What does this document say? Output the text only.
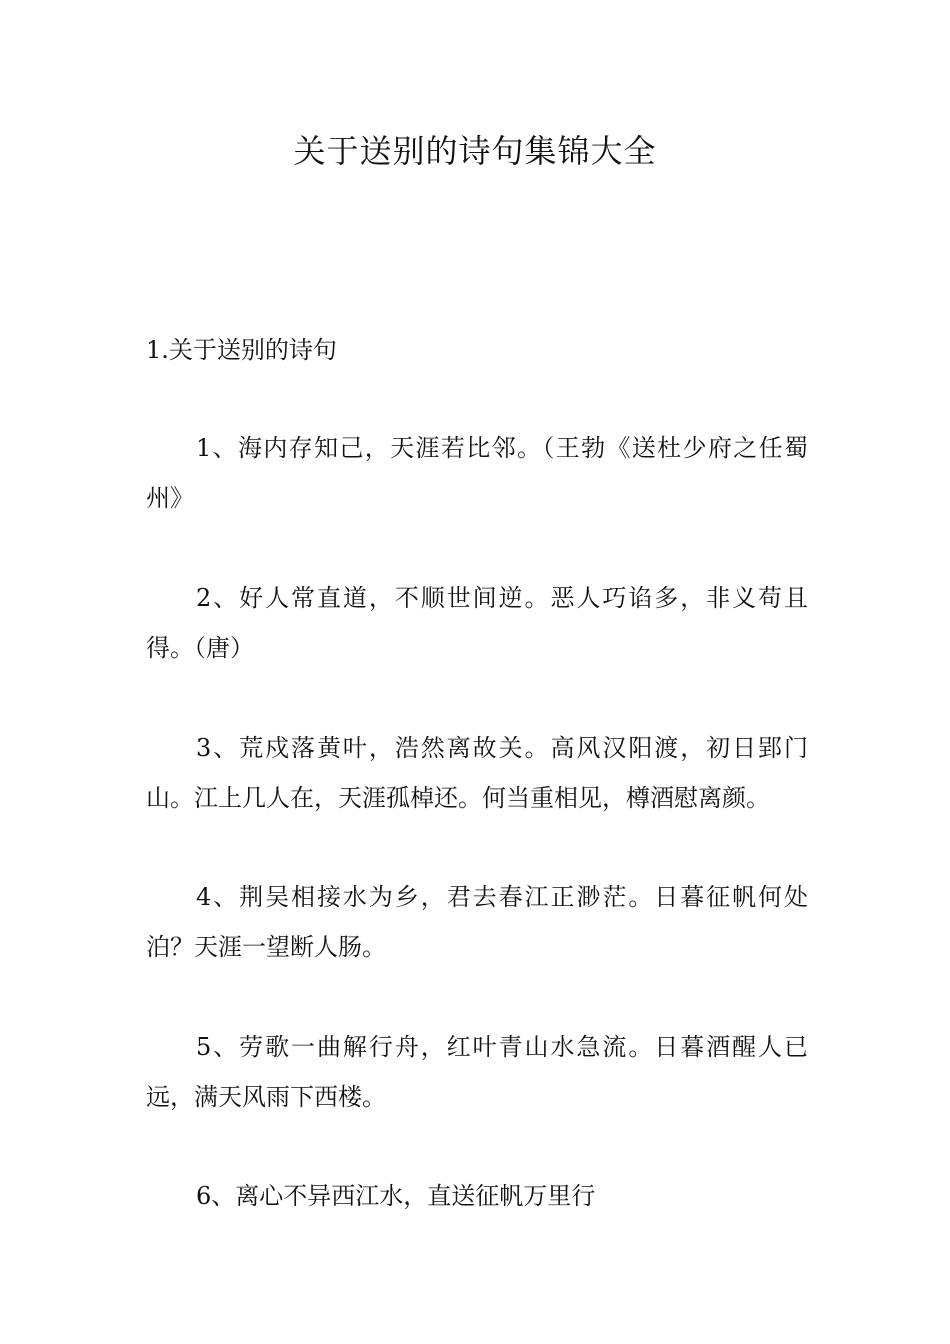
关于送别的诗句集锦大全
1.关于送别的诗句

1、海内存知己，天涯若比邻。（王勃《送杜少府之任蜀州》

2、好人常直道，不顺世间逆。恶人巧谄多，非义苟且得。（唐）

3、荒戍落黄叶，浩然离故关。高风汉阳渡，初日郢门山。江上几人在，天涯孤棹还。何当重相见，樽酒慰离颜。

4、荆吴相接水为乡，君去春江正渺茫。日暮征帆何处泊？天涯一望断人肠。

5、劳歌一曲解行舟，红叶青山水急流。日暮酒醒人已远，满天风雨下西楼。

6、离心不异西江水，直送征帆万里行
